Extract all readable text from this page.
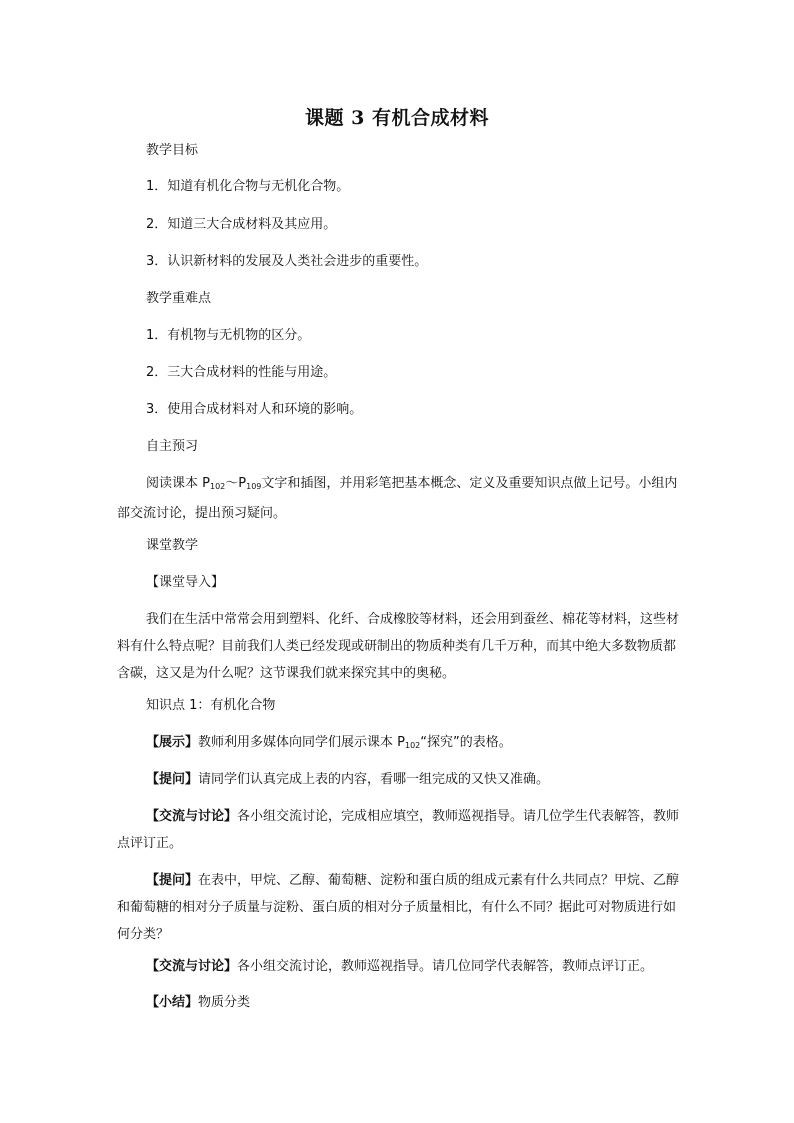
课题 3 有机合成材料
教学目标
1．知道有机化合物与无机化合物。
2．知道三大合成材料及其应用。
3．认识新材料的发展及人类社会进步的重要性。
教学重难点
1．有机物与无机物的区分。
2．三大合成材料的性能与用途。
3．使用合成材料对人和环境的影响。
自主预习
阅读课本 $P_{102}\sim P_{109}$文字和插图，并用彩笔把基本概念、定义及重要知识点做上记号。小组内部交流讨论，提出预习疑问。
课堂教学
【课堂导入】
我们在生活中常常会用到塑料、化纤、合成橡胶等材料，还会用到蚕丝、棉花等材料，这些材料有什么特点呢？目前我们人类已经发现或研制出的物质种类有几千万种，而其中绝大多数物质都含碳，这又是为什么呢？这节课我们就来探究其中的奥秘。
知识点 1：有机化合物
【展示】教师利用多媒体向同学们展示课本 $P_{102}“$探究”的表格。
【提问】请同学们认真完成上表的内容，看哪一组完成的又快又准确。
【交流与讨论】各小组交流讨论，完成相应填空，教师巡视指导。请几位学生代表解答，教师点评订正。
【提问】在表中，甲烷、乙醇、葡萄糖、淀粉和蛋白质的组成元素有什么共同点？甲烷、乙醇和葡萄糖的相对分子质量与淀粉、蛋白质的相对分子质量相比，有什么不同？据此可对物质进行如何分类？
【交流与讨论】各小组交流讨论，教师巡视指导。请几位同学代表解答，教师点评订正。
【小结】物质分类
